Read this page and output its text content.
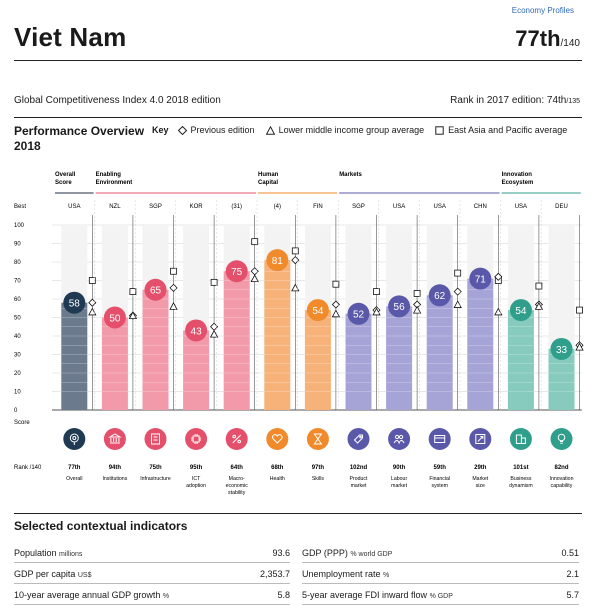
Economy Profiles
Viet Nam	77th/140
Global Competitiveness Index 4.0 2018 edition	Rank in 2017 edition: 74th/135
Performance Overview
2018
Key Previous edition	Lower middle income group average	East Asia and Pacific average
Overall
Score
Enabling
Environment
Human
Capital
Markets	Innovation
Ecosystem
Best
100
90
80
70
60
50
40
30
20
10
0
Score
USA
58
77th
Overall
NZL
50
94th
Institutions
SGP
65
75th
Infrastructure
KOR
43
95th
ICT
adoption
(31)
75
64th
Macro-
economic
stability
(4)
81
68th
Health
FIN
54
97th
Skills
SGP
52
102nd
Product
market
USA
56
90th
Labour
market
USA
62
59th
Financial
system
CHN
71
29th
Market
size
USA
54
101st
Business
dynamism
DEU
33
82nd
Innovation
capability
Rank /140
Selected contextual indicators
Population millions	93.6 GDP (PPP) % world GDP	0.51
GDP per capita US$	2,353.7 Unemployment rate %	2.1
10-year average annual GDP growth %	5.8 5-year average FDI inward flow % GDP	5.7
